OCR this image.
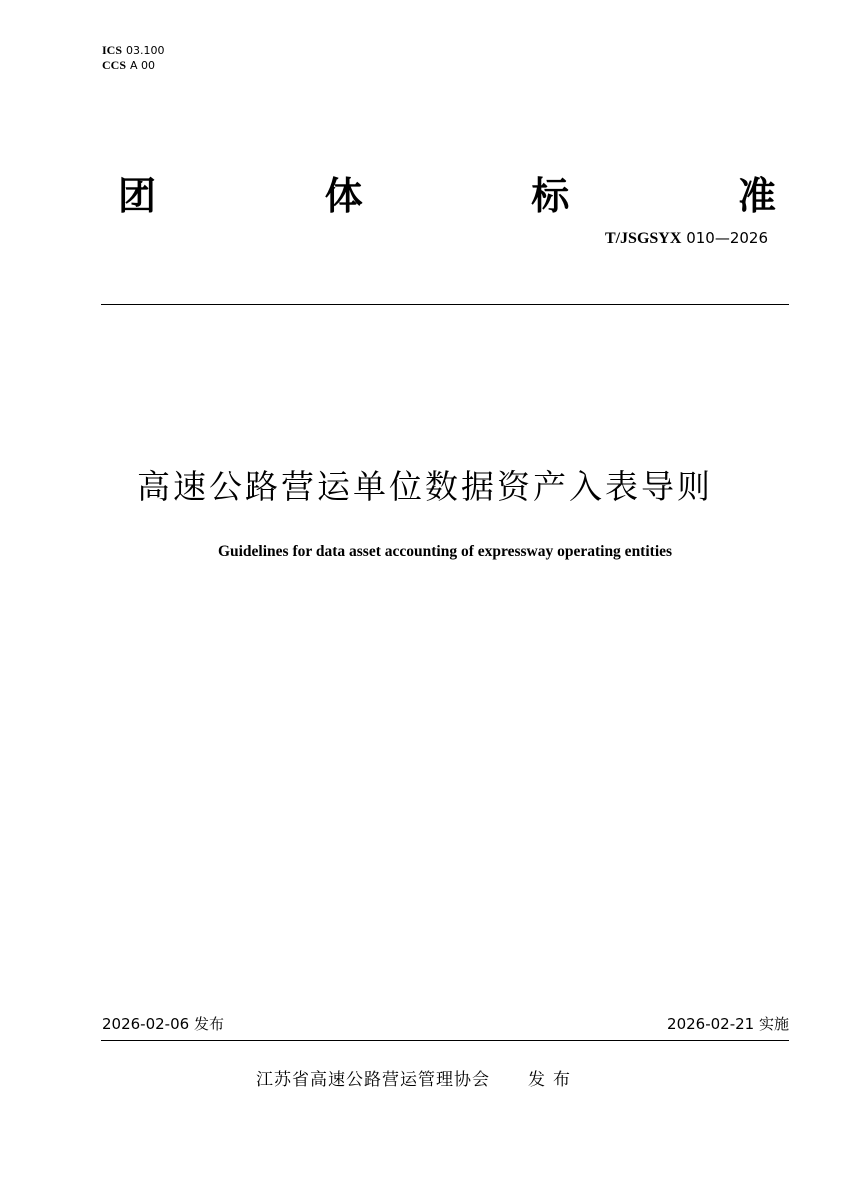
ICS 03.100
CCS A 00
团	体	标	准
T/JSGSYX 010—2026
高速公路营运单位数据资产入表导则
Guidelines for data asset accounting of expressway operating entities
2026-02-06 发布	2026-02-21 实施
江苏省高速公路营运管理协会 发布
